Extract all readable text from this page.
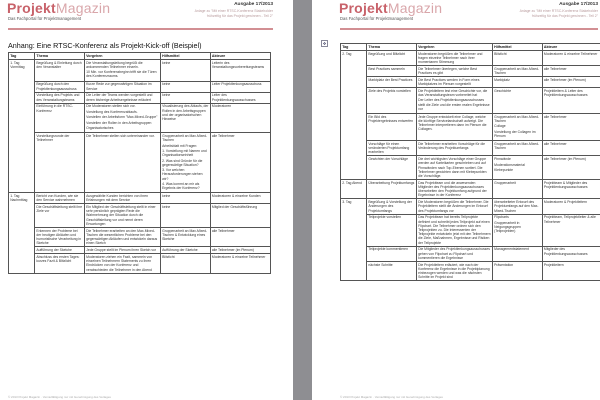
ProjektMagazin
Das Fachportal für Projektmanagement
Ausgabe 17/2013
Anlage zu "Mit einer RTSC-Konferenz Stakeholder
frühzeitig für das Projekt gewinnen - Teil 2"
Anhang: Eine RTSC-Konferenz als Projekt-Kick-off (Beispiel)
Tag	Thema	Vorgehen	Hilfsmittel	Akteure
1. Tag Vormittag	Begrüßung & Einleitung durch den Veranstalter	Die Veranstaltungsleitung begrüßt die ankommenden Teilnehmer einzeln.

10 Min. vor Konferenzbeginn trifft sie die Türen des Konferenzraums.	keine	Leiterin des Veranstaltungsvorbereitungsteams
	Begrüßung durch den Projektlenkungsausschuss	Kurze Rede zur gegenwärtigen Situation im Service	keine	Leiter Projektlenkungsausschuss
	Vorstellung des Projekts und des Veranstaltungsteams	Die Leiter der Teams werden vorgestellt und deren bisherige Arbeitsergebnisse erläutert	keine	Leiter des Projektlenkungsausschusses
	Einführung in die RTSC-Konferenz	Die Moderatoren stellen sich vor.

Vorstellung des Konferenzablaufs.

Vorstellen der Arbeitsform "Max-Mixed-Gruppe"

Vorstellen der Rollen in den Arbeitsgruppen

Organisatorisches	Visualisierung des Ablaufs, der Rollen in den Arbeitsgruppen und der organisatorischen Hinweise	Moderatoren
Vorstellungsrunde der Teilnehmer	Die Teilnehmer stellen sich untereinander vor.	Gruppenarbeit an Max-Mixed-Tischen

Arbeitsblatt mit Fragen:

1. Vorstellung mit Namen und Organisationseinheit

2. Was sind Gründe für die gegenwärtige Situation?

3. Vor welchen Herausforderungen stehen wir?

4. Was kommt an mir als Ergebnis der Konferenz?

	alle Teilnehmer
1. Tag Nachmittag	Bericht von Kunden, wie sie den Service wahrnehmen	Ausgewählte Kunden berichten von ihren Erfahrungen mit dem Service	keine	Moderatoren & einzelne Kunden
	Die Geschäftsleitung stellt ihre Ziele vor	Ein Mitglied der Geschäftsleitung stellt in einer sehr persönlich geprägten Rede die Wahrnehmung der Situation durch die Geschäftsleitung vor und nennt deren Erwartungen	keine	Mitglied der Geschäftsführung
	Erkennen der Probleme bei der heutigen Abläufen und humoristische Verarbeitung in Sketche	Die Teilnehmer erarbeiten an den Max-Mixed-Tischen die wesentlichen Probleme bei den gegenwärtigen Abläufen und entwickeln daraus einen Sketch	Gruppenarbeit an Max-Mixed-Tischen & Entwicklung eines Sketche	alle Teilnehmer
	Aufführung der Sketche	Jede Gruppe stellt im Plenum ihren Sketch vor	Aufführung der Sketche	alle Teilnehmer (im Plenum)
	Abschluss des ersten Tages: kurzes Fazit & Blitzlicht	Moderatoren ziehen ein Fazit, sammeln von einzelnen Teilnehmern Statements zu ihren Eindrücken von der Konferenz und verabschieden die Teilnehmer in den Abend	Blitzlicht	Moderatoren & einzelne Teilnehmer
© 2013 Projekt Magazin · Vervielfältigung nur mit Genehmigung des Verlages
ProjektMagazin
Das Fachportal für Projektmanagement
Ausgabe 17/2013
Anlage zu "Mit einer RTSC-Konferenz Stakeholder
frühzeitig für das Projekt gewinnen - Teil 2"
✥
Tag	Thema	Vorgehen	Hilfsmittel	Akteure
2. Tag	Begrüßung und Blitzlicht	Moderatoren begrüßen die Teilnehmer und fragen einzelne Teilnehmer nach ihrer momentanen Stimmung	Blitzlicht	Moderatoren & einzelne Teilnehmer
	Best Practices sammeln	Die Teilnehmer überlegen, welche Best Practices es gibt	Gruppenarbeit an Max-Mixed-Tischen	alle Teilnehmer
	Marktplatz der Best Practices	Die Best Practices werden in Form eines Marktplatzes im Plenum vorgestellt	Marktplatz	alle Teilnehmer (im Plenum)
	Ziele des Projekts vorstellen	Die Projektleitern lest eine Geschichte vor, die das Veranstaltungsteam vorbereitet hat

Der Leiter des Projektlenkungsausschusses stellt die Ziele und die ersten realen Ergebnisse vor	Geschichte	Projektleitern & Leiter des Projektlenkungsausschusses
	Ein Bild des Projektergebnisses entwerfen	Jede Gruppe entwickelt eine Collage, welche die künftige Servicelandschaft aufzeigt. Die Teilnehmer interpretieren dann im Plenum die Collagen.	Gruppenarbeit an Max-Mixed-Tischen

Collage

Vorstellung der Collagen im Plenum	alle Teilnehmer
	Vorschläge für einen veränderten Projektumfang erarbeiten	Die Teilnehmer erarbeiten Vorschläge für die Veränderung des Projektumfangs	Gruppenarbeit an Max-Mixed-Tischen	alle Teilnehmer
	Gewichten der Vorschläge	Die drei wichtigsten Vorschläge einer Gruppe werden auf Karteikarten geschrieben und auf Pinnwänden nach Top-Ebenen sortiert. Die Teilnehmer gewichten dann mit Klebepunkten die Vorschläge.	Pinnwände

Moderationsmaterial

Klebepunkte	alle Teilnehmer (im Plenum)
2. Tag Abend	Überarbeitung Projektumfangs	Das Projektteam und die anwesenden Mitglieder des Projektlenkungsausschusses überarbeiten den Projektumfang aufgrund der Ergebnisse in der Konferenz	Gruppenarbeit	Projektteam & Mitglieder des Projektlenkungsausschusses
3. Tag	Begrüßung & Vorstellung der Änderungen des Projektumfangs	Die Moderatoren begrüßen die Teilnehmer. Die Projektleitern stellt die Änderungen im Entwurf des Projektumfangs vor	überarbeiteter Entwurf des Projektumfangs auf den Max-Mixed-Tischen	Moderatoren & Projektleitern
	Teilprojekte vorstellen	Das Projektteam hat bereits Teilprojekte definiert und schreibt jedes Teilprojekt auf einen Flipchart. Die Teilnehmer ordnen sich den Teilprojekten zu. Die Interessenten der Teilprojekte entwickeln jetzt mit den Teilnehmern die Ziele, Maßnahmen, Ergebnisse und Risiken der Teilprojekte	Flipcharts

Gruppenarbeit in Neigungsgruppen (Teilprojekten)	Projektteam, Teilprojektleiter & alle Teilnehmer
	Teilprojekte kommentieren	Die Mitglieder des Projektlenkungsausschusses gehen von Flipchart zu Flipchart und kommentieren die Ergebnisse	Managementstatement	Mitglieder des Projektlenkungsausschusses
	nächste Schritte	Die Projektleitern erläutert, wie nach der Konferenz die Ergebnisse in die Projektplanung einbezogen werden und was die nächsten Schritte im Projekt sind	Präsentation	Projektleitern
© 2013 Projekt Magazin · Vervielfältigung nur mit Genehmigung des Verlages
